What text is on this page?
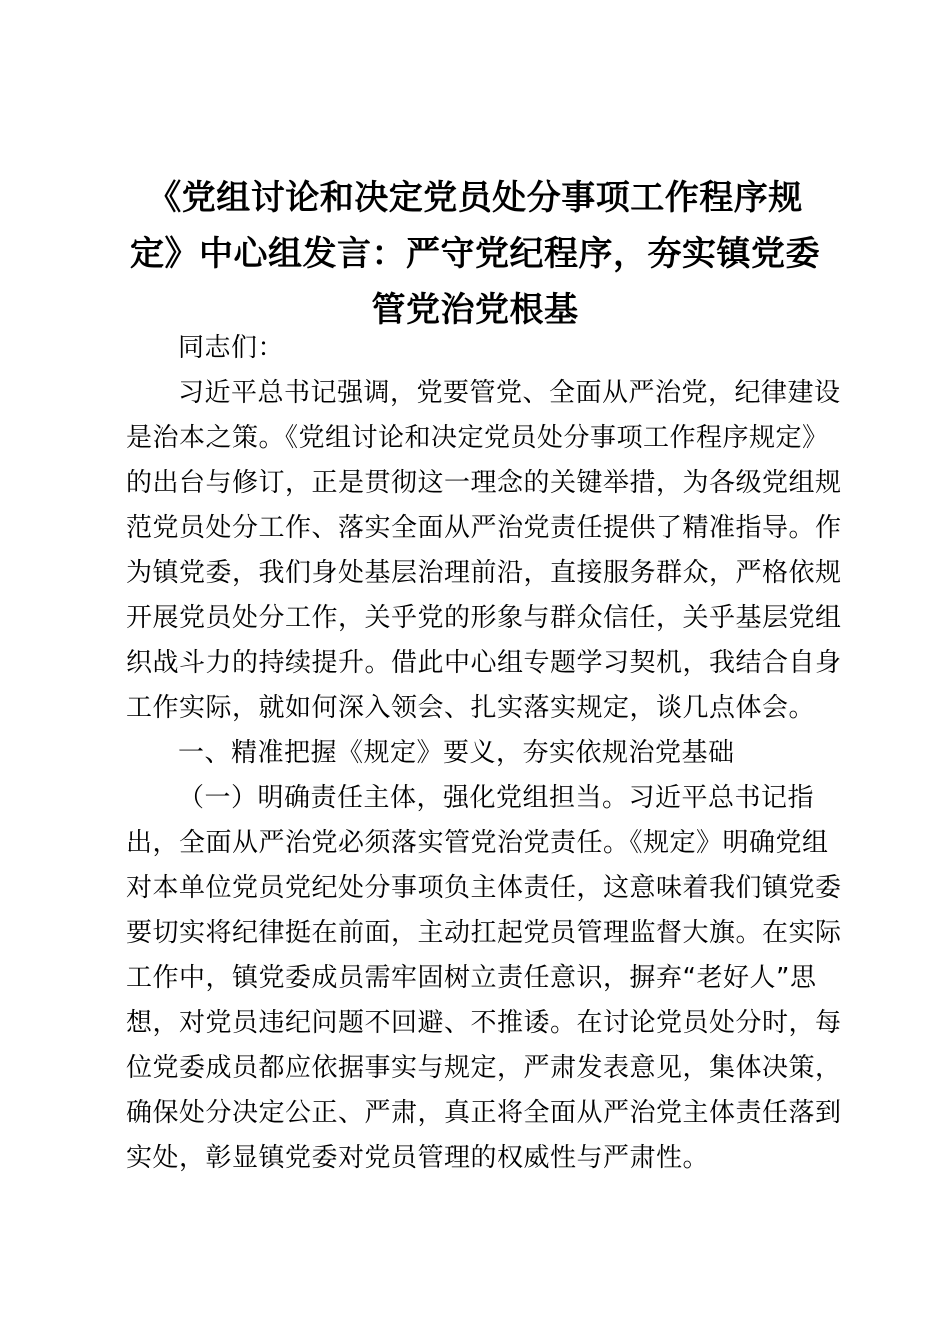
《党组讨论和决定党员处分事项工作程序规
定》中心组发言：严守党纪程序，夯实镇党委
管党治党根基
同志们：
习近平总书记强调，党要管党、全面从严治党，纪律建设
是治本之策。《党组讨论和决定党员处分事项工作程序规定》
的出台与修订，正是贯彻这一理念的关键举措，为各级党组规
范党员处分工作、落实全面从严治党责任提供了精准指导。作
为镇党委，我们身处基层治理前沿，直接服务群众，严格依规
开展党员处分工作，关乎党的形象与群众信任，关乎基层党组
织战斗力的持续提升。借此中心组专题学习契机，我结合自身
工作实际，就如何深入领会、扎实落实规定，谈几点体会。
一、精准把握《规定》要义，夯实依规治党基础
（一）明确责任主体，强化党组担当。习近平总书记指
出，全面从严治党必须落实管党治党责任。《规定》明确党组
对本单位党员党纪处分事项负主体责任，这意味着我们镇党委
要切实将纪律挺在前面，主动扛起党员管理监督大旗。在实际
工作中，镇党委成员需牢固树立责任意识，摒弃“老好人”思
想，对党员违纪问题不回避、不推诿。在讨论党员处分时，每
位党委成员都应依据事实与规定，严肃发表意见，集体决策，
确保处分决定公正、严肃，真正将全面从严治党主体责任落到
实处，彰显镇党委对党员管理的权威性与严肃性。
